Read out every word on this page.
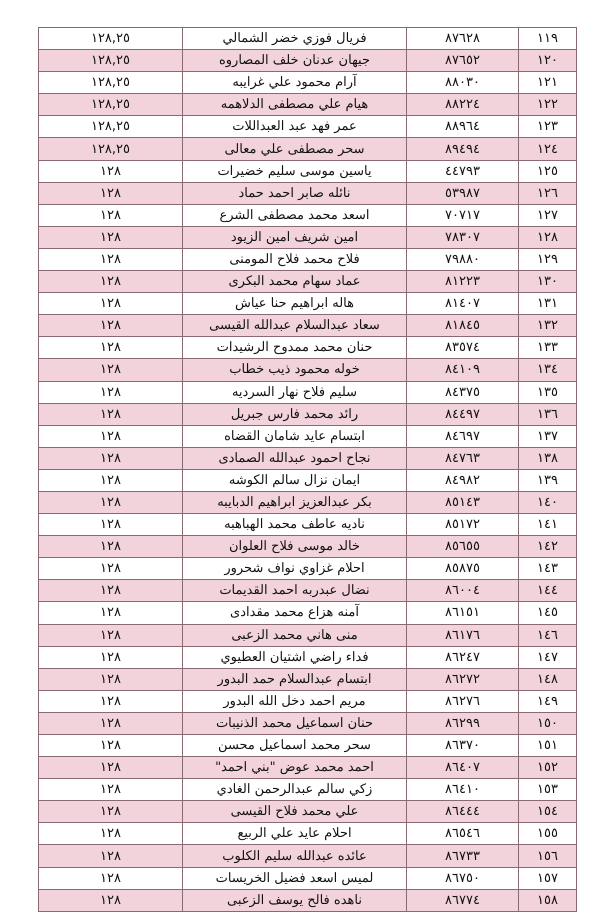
١١٩	٨٧٦٢٨	فريال فوزي خضر الشمالي	١٢٨,٢٥
١٢٠	٨٧٦٥٢	جيهان عدنان خلف المصاروه	١٢٨,٢٥
١٢١	٨٨٠٣٠	آرام محمود علي غرايبه	١٢٨,٢٥
١٢٢	٨٨٢٢٤	هيام علي مصطفى الدلاهمه	١٢٨,٢٥
١٢٣	٨٨٩٦٤	عمر فهد عبد العبداللات	١٢٨,٢٥
١٢٤	٨٩٤٩٤	سحر مصطفى علي معالى	١٢٨,٢٥
١٢٥	٤٤٧٩٣	ياسين موسى سليم خضيرات	١٢٨
١٢٦	٥٣٩٨٧	نائله صابر احمد حماد	١٢٨
١٢٧	٧٠٧١٧	اسعد محمد مصطفى الشرع	١٢٨
١٢٨	٧٨٣٠٧	امين شريف امين الزيود	١٢٨
١٢٩	٧٩٨٨٠	فلاح محمد فلاح المومنى	١٢٨
١٣٠	٨١٢٢٣	عماد سهام محمد البكرى	١٢٨
١٣١	٨١٤٠٧	هاله ابراهيم حنا عياش	١٢٨
١٣٢	٨١٨٤٥	سعاد عبدالسلام عبدالله القيسى	١٢٨
١٣٣	٨٣٥٧٤	حنان محمد ممدوح الرشيدات	١٢٨
١٣٤	٨٤١٠٩	خوله محمود ذيب خطاب	١٢٨
١٣٥	٨٤٣٧٥	سليم فلاح نهار السرديه	١٢٨
١٣٦	٨٤٤٩٧	رائد محمد فارس جبريل	١٢٨
١٣٧	٨٤٦٩٧	ابتسام عايد شامان القضاه	١٢٨
١٣٨	٨٤٧٦٣	نجاح احمود عبدالله الصمادى	١٢٨
١٣٩	٨٤٩٨٢	ايمان نزال سالم الكوشه	١٢٨
١٤٠	٨٥١٤٣	بكر عبدالعزيز ابراهيم الدبايبه	١٢٨
١٤١	٨٥١٧٢	ناديه عاطف محمد الهباهبه	١٢٨
١٤٢	٨٥٦٥٥	خالد موسى فلاح العلوان	١٢٨
١٤٣	٨٥٨٧٥	احلام غزاوي نواف شحرور	١٢٨
١٤٤	٨٦٠٠٤	نضال عبدربه احمد القديمات	١٢٨
١٤٥	٨٦١٥١	آمنه هزاع محمد مقدادى	١٢٨
١٤٦	٨٦١٧٦	منى هاني محمد الزعبى	١٢٨
١٤٧	٨٦٢٤٧	فداء راضي اشتيان العطيوي	١٢٨
١٤٨	٨٦٢٧٢	ابتسام عبدالسلام حمد البدور	١٢٨
١٤٩	٨٦٢٧٦	مريم احمد دخل الله البدور	١٢٨
١٥٠	٨٦٢٩٩	حنان اسماعيل محمد الذنيبات	١٢٨
١٥١	٨٦٣٧٠	سحر محمد اسماعيل محسن	١٢٨
١٥٢	٨٦٤٠٧	احمد محمد عوض "بني احمد"	١٢٨
١٥٣	٨٦٤١٠	زكي سالم عبدالرحمن الغادي	١٢٨
١٥٤	٨٦٤٤٤	علي محمد فلاح القيسى	١٢٨
١٥٥	٨٦٥٤٦	احلام عايد علي الربيع	١٢٨
١٥٦	٨٦٧٣٣	عائده عبدالله سليم الكلوب	١٢٨
١٥٧	٨٦٧٥٠	لميس اسعد فضيل الخريسات	١٢٨
١٥٨	٨٦٧٧٤	ناهده فالح يوسف الزعبى	١٢٨
